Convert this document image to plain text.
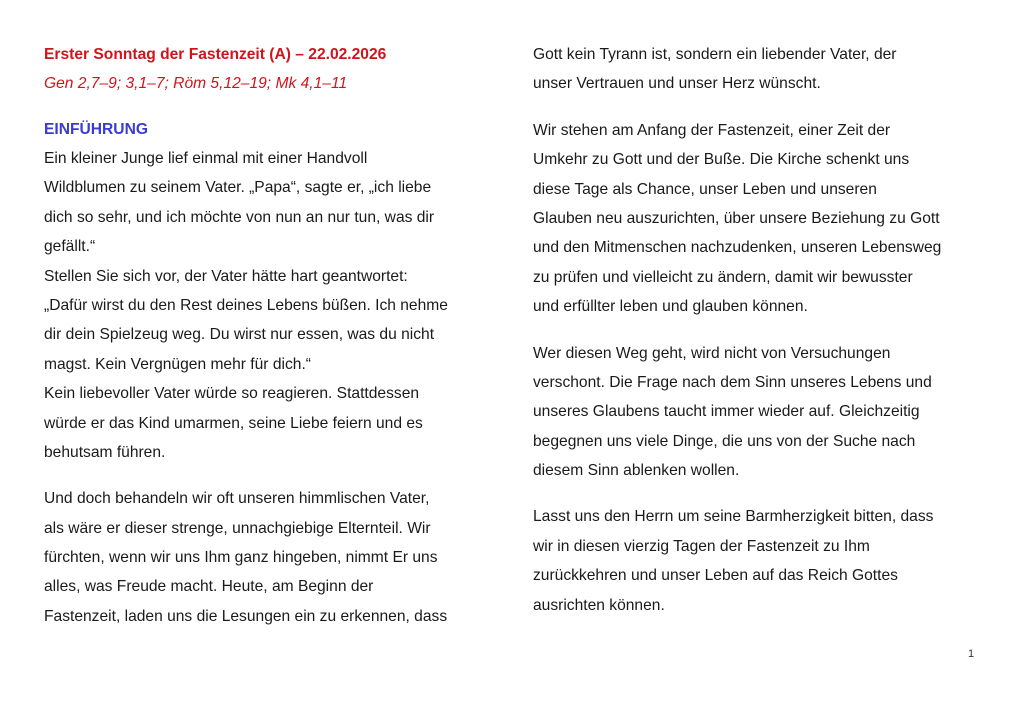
Erster Sonntag der Fastenzeit (A) – 22.02.2026
Gen 2,7–9; 3,1–7; Röm 5,12–19; Mk 4,1–11
EINFÜHRUNG
Ein kleiner Junge lief einmal mit einer Handvoll
Wildblumen zu seinem Vater. „Papa“, sagte er, „ich liebe
dich so sehr, und ich möchte von nun an nur tun, was dir
gefällt.“
Stellen Sie sich vor, der Vater hätte hart geantwortet:
„Dafür wirst du den Rest deines Lebens büßen. Ich nehme
dir dein Spielzeug weg. Du wirst nur essen, was du nicht
magst. Kein Vergnügen mehr für dich.“
Kein liebevoller Vater würde so reagieren. Stattdessen
würde er das Kind umarmen, seine Liebe feiern und es
behutsam führen.
Und doch behandeln wir oft unseren himmlischen Vater,
als wäre er dieser strenge, unnachgiebige Elternteil. Wir
fürchten, wenn wir uns Ihm ganz hingeben, nimmt Er uns
alles, was Freude macht. Heute, am Beginn der
Fastenzeit, laden uns die Lesungen ein zu erkennen, dass
Gott kein Tyrann ist, sondern ein liebender Vater, der
unser Vertrauen und unser Herz wünscht.
Wir stehen am Anfang der Fastenzeit, einer Zeit der
Umkehr zu Gott und der Buße. Die Kirche schenkt uns
diese Tage als Chance, unser Leben und unseren
Glauben neu auszurichten, über unsere Beziehung zu Gott
und den Mitmenschen nachzudenken, unseren Lebensweg
zu prüfen und vielleicht zu ändern, damit wir bewusster
und erfüllter leben und glauben können.
Wer diesen Weg geht, wird nicht von Versuchungen
verschont. Die Frage nach dem Sinn unseres Lebens und
unseres Glaubens taucht immer wieder auf. Gleichzeitig
begegnen uns viele Dinge, die uns von der Suche nach
diesem Sinn ablenken wollen.
Lasst uns den Herrn um seine Barmherzigkeit bitten, dass
wir in diesen vierzig Tagen der Fastenzeit zu Ihm
zurückkehren und unser Leben auf das Reich Gottes
ausrichten können.
1
